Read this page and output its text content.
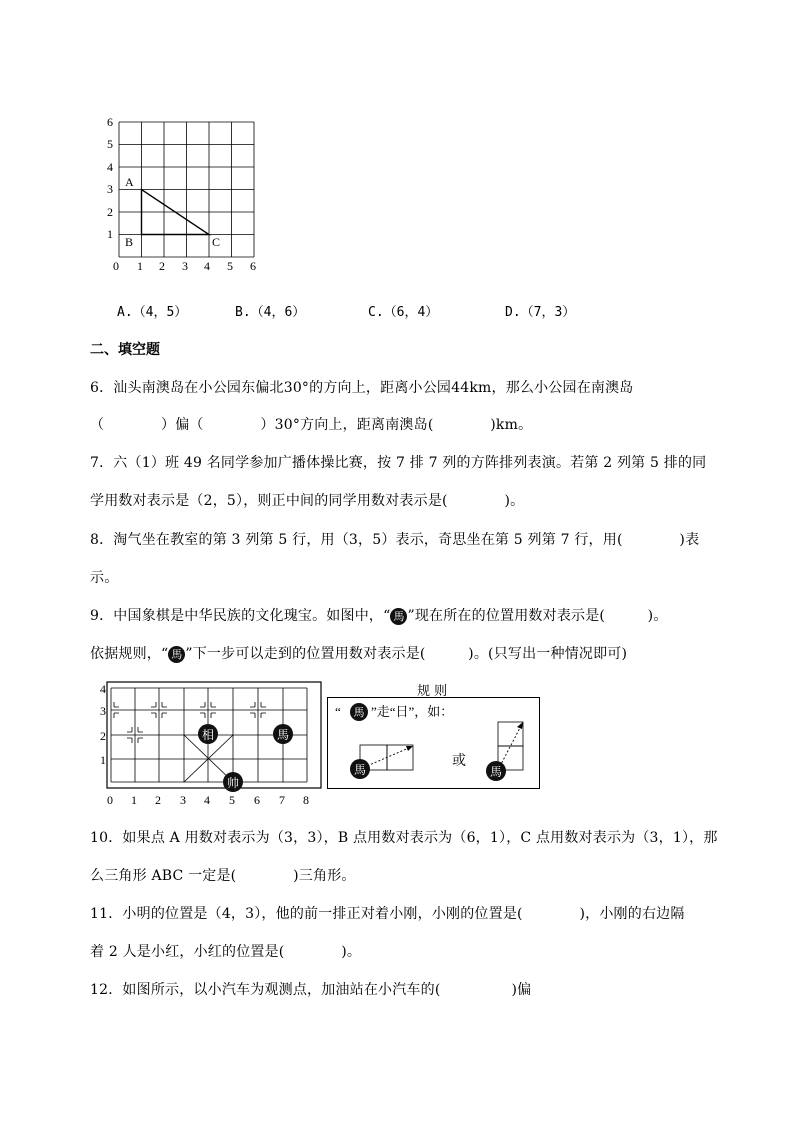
6
5
4
3
2
1
0 1 2 3 4 5 6
A
B	C
A.（4，5）	B.（4，6）	C.（6，4）	D.（7，3）
二、填空题
6．汕头南澳岛在小公园东偏北30°的方向上，距离小公园44km，那么小公园在南澳岛
（　　　　）偏（　　　　）30°方向上，距离南澳岛(　　　　)km。
7．六（1）班 49 名同学参加广播体操比赛，按 7 排 7 列的方阵排列表演。若第 2 列第 5 排的同
学用数对表示是（2，5），则正中间的同学用数对表示是(　　　　)。
8．淘气坐在教室的第 3 列第 5 行，用（3，5）表示，奇思坐在第 5 列第 7 行，用(　　　　)表
示。
9．中国象棋是中华民族的文化瑰宝。如图中，“ 馬 ”现在所在的位置用数对表示是(　　　)。
依据规则，“ 馬 ”下一步可以走到的位置用数对表示是(　　　)。(只写出一种情况即可)
相	馬
帅
4
3
2
1
0 1 2 3 4 5 6 7 8
规 则
“ 馬 ”走“日”，如：
馬
或
馬
10．如果点 A 用数对表示为（3，3），B 点用数对表示为（6，1），C 点用数对表示为（3，1），那
么三角形 ABC 一定是(　　　　)三角形。
11．小明的位置是（4，3），他的前一排正对着小刚，小刚的位置是(　　　　)，小刚的右边隔
着 2 人是小红，小红的位置是(　　　　)。
12．如图所示，以小汽车为观测点，加油站在小汽车的(　　　　　)偏
